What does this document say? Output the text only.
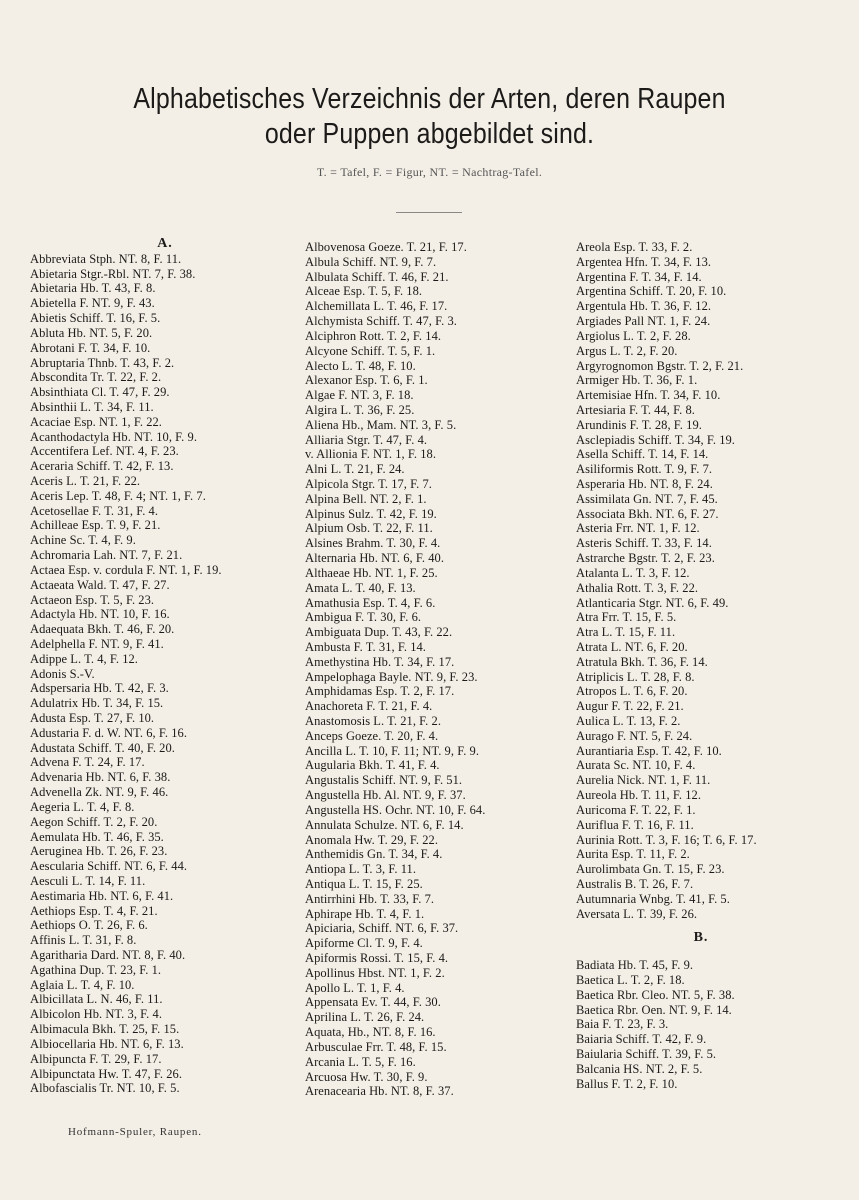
Alphabetisches Verzeichnis der Arten, deren Raupen
oder Puppen abgebildet sind.
T. = Tafel, F. = Figur, NT. = Nachtrag-Tafel.
A.
Abbreviata Stph. NT. 8, F. 11.
Abietaria Stgr.-Rbl. NT. 7, F. 38.
Abietaria Hb. T. 43, F. 8.
Abietella F. NT. 9, F. 43.
Abietis Schiff. T. 16, F. 5.
Abluta Hb. NT. 5, F. 20.
Abrotani F. T. 34, F. 10.
Abruptaria Thnb. T. 43, F. 2.
Abscondita Tr. T. 22, F. 2.
Absinthiata Cl. T. 47, F. 29.
Absinthii L. T. 34, F. 11.
Acaciae Esp. NT. 1, F. 22.
Acanthodactyla Hb. NT. 10, F. 9.
Accentifera Lef. NT. 4, F. 23.
Aceraria Schiff. T. 42, F. 13.
Aceris L. T. 21, F. 22.
Aceris Lep. T. 48, F. 4; NT. 1, F. 7.
Acetosellae F. T. 31, F. 4.
Achilleae Esp. T. 9, F. 21.
Achine Sc. T. 4, F. 9.
Achromaria Lah. NT. 7, F. 21.
Actaea Esp. v. cordula F. NT. 1, F. 19.
Actaeata Wald. T. 47, F. 27.
Actaeon Esp. T. 5, F. 23.
Adactyla Hb. NT. 10, F. 16.
Adaequata Bkh. T. 46, F. 20.
Adelphella F. NT. 9, F. 41.
Adippe L. T. 4, F. 12.
Adonis S.-V.
Adspersaria Hb. T. 42, F. 3.
Adulatrix Hb. T. 34, F. 15.
Adusta Esp. T. 27, F. 10.
Adustaria F. d. W. NT. 6, F. 16.
Adustata Schiff. T. 40, F. 20.
Advena F. T. 24, F. 17.
Advenaria Hb. NT. 6, F. 38.
Advenella Zk. NT. 9, F. 46.
Aegeria L. T. 4, F. 8.
Aegon Schiff. T. 2, F. 20.
Aemulata Hb. T. 46, F. 35.
Aeruginea Hb. T. 26, F. 23.
Aescularia Schiff. NT. 6, F. 44.
Aesculi L. T. 14, F. 11.
Aestimaria Hb. NT. 6, F. 41.
Aethiops Esp. T. 4, F. 21.
Aethiops O. T. 26, F. 6.
Affinis L. T. 31, F. 8.
Agaritharia Dard. NT. 8, F. 40.
Agathina Dup. T. 23, F. 1.
Aglaia L. T. 4, F. 10.
Albicillata L. N. 46, F. 11.
Albicolon Hb. NT. 3, F. 4.
Albimacula Bkh. T. 25, F. 15.
Albiocellaria Hb. NT. 6, F. 13.
Albipuncta F. T. 29, F. 17.
Albipunctata Hw. T. 47, F. 26.
Albofascialis Tr. NT. 10, F. 5.
Albovenosa Goeze. T. 21, F. 17.
Albula Schiff. NT. 9, F. 7.
Albulata Schiff. T. 46, F. 21.
Alceae Esp. T. 5, F. 18.
Alchemillata L. T. 46, F. 17.
Alchymista Schiff. T. 47, F. 3.
Alciphron Rott. T. 2, F. 14.
Alcyone Schiff. T. 5, F. 1.
Alecto L. T. 48, F. 10.
Alexanor Esp. T. 6, F. 1.
Algae F. NT. 3, F. 18.
Algira L. T. 36, F. 25.
Aliena Hb., Mam. NT. 3, F. 5.
Alliaria Stgr. T. 47, F. 4.
v. Allionia F. NT. 1, F. 18.
Alni L. T. 21, F. 24.
Alpicola Stgr. T. 17, F. 7.
Alpina Bell. NT. 2, F. 1.
Alpinus Sulz. T. 42, F. 19.
Alpium Osb. T. 22, F. 11.
Alsines Brahm. T. 30, F. 4.
Alternaria Hb. NT. 6, F. 40.
Althaeae Hb. NT. 1, F. 25.
Amata L. T. 40, F. 13.
Amathusia Esp. T. 4, F. 6.
Ambigua F. T. 30, F. 6.
Ambiguata Dup. T. 43, F. 22.
Ambusta F. T. 31, F. 14.
Amethystina Hb. T. 34, F. 17.
Ampelophaga Bayle. NT. 9, F. 23.
Amphidamas Esp. T. 2, F. 17.
Anachoreta F. T. 21, F. 4.
Anastomosis L. T. 21, F. 2.
Anceps Goeze. T. 20, F. 4.
Ancilla L. T. 10, F. 11; NT. 9, F. 9.
Augularia Bkh. T. 41, F. 4.
Angustalis Schiff. NT. 9, F. 51.
Angustella Hb. Al. NT. 9, F. 37.
Angustella HS. Ochr. NT. 10, F. 64.
Annulata Schulze. NT. 6, F. 14.
Anomala Hw. T. 29, F. 22.
Anthemidis Gn. T. 34, F. 4.
Antiopa L. T. 3, F. 11.
Antiqua L. T. 15, F. 25.
Antirrhini Hb. T. 33, F. 7.
Aphirape Hb. T. 4, F. 1.
Apiciaria, Schiff. NT. 6, F. 37.
Apiforme Cl. T. 9, F. 4.
Apiformis Rossi. T. 15, F. 4.
Apollinus Hbst. NT. 1, F. 2.
Apollo L. T. 1, F. 4.
Appensata Ev. T. 44, F. 30.
Aprilina L. T. 26, F. 24.
Aquata, Hb., NT. 8, F. 16.
Arbusculae Frr. T. 48, F. 15.
Arcania L. T. 5, F. 16.
Arcuosa Hw. T. 30, F. 9.
Arenacearia Hb. NT. 8, F. 37.
Areola Esp. T. 33, F. 2.
Argentea Hfn. T. 34, F. 13.
Argentina F. T. 34, F. 14.
Argentina Schiff. T. 20, F. 10.
Argentula Hb. T. 36, F. 12.
Argiades Pall NT. 1, F. 24.
Argiolus L. T. 2, F. 28.
Argus L. T. 2, F. 20.
Argyrognomon Bgstr. T. 2, F. 21.
Armiger Hb. T. 36, F. 1.
Artemisiae Hfn. T. 34, F. 10.
Artesiaria F. T. 44, F. 8.
Arundinis F. T. 28, F. 19.
Asclepiadis Schiff. T. 34, F. 19.
Asella Schiff. T. 14, F. 14.
Asiliformis Rott. T. 9, F. 7.
Asperaria Hb. NT. 8, F. 24.
Assimilata Gn. NT. 7, F. 45.
Associata Bkh. NT. 6, F. 27.
Asteria Frr. NT. 1, F. 12.
Asteris Schiff. T. 33, F. 14.
Astrarche Bgstr. T. 2, F. 23.
Atalanta L. T. 3, F. 12.
Athalia Rott. T. 3, F. 22.
Atlanticaria Stgr. NT. 6, F. 49.
Atra Frr. T. 15, F. 5.
Atra L. T. 15, F. 11.
Atrata L. NT. 6, F. 20.
Atratula Bkh. T. 36, F. 14.
Atriplicis L. T. 28, F. 8.
Atropos L. T. 6, F. 20.
Augur F. T. 22, F. 21.
Aulica L. T. 13, F. 2.
Aurago F. NT. 5, F. 24.
Aurantiaria Esp. T. 42, F. 10.
Aurata Sc. NT. 10, F. 4.
Aurelia Nick. NT. 1, F. 11.
Aureola Hb. T. 11, F. 12.
Auricoma F. T. 22, F. 1.
Auriflua F. T. 16, F. 11.
Aurinia Rott. T. 3, F. 16; T. 6, F. 17.
Aurita Esp. T. 11, F. 2.
Aurolimbata Gn. T. 15, F. 23.
Australis B. T. 26, F. 7.
Autumnaria Wnbg. T. 41, F. 5.
Aversata L. T. 39, F. 26.
B.
Badiata Hb. T. 45, F. 9.
Baetica L. T. 2, F. 18.
Baetica Rbr. Cleo. NT. 5, F. 38.
Baetica Rbr. Oen. NT. 9, F. 14.
Baia F. T. 23, F. 3.
Baiaria Schiff. T. 42, F. 9.
Baiularia Schiff. T. 39, F. 5.
Balcania HS. NT. 2, F. 5.
Ballus F. T. 2, F. 10.
Hofmann-Spuler, Raupen.
